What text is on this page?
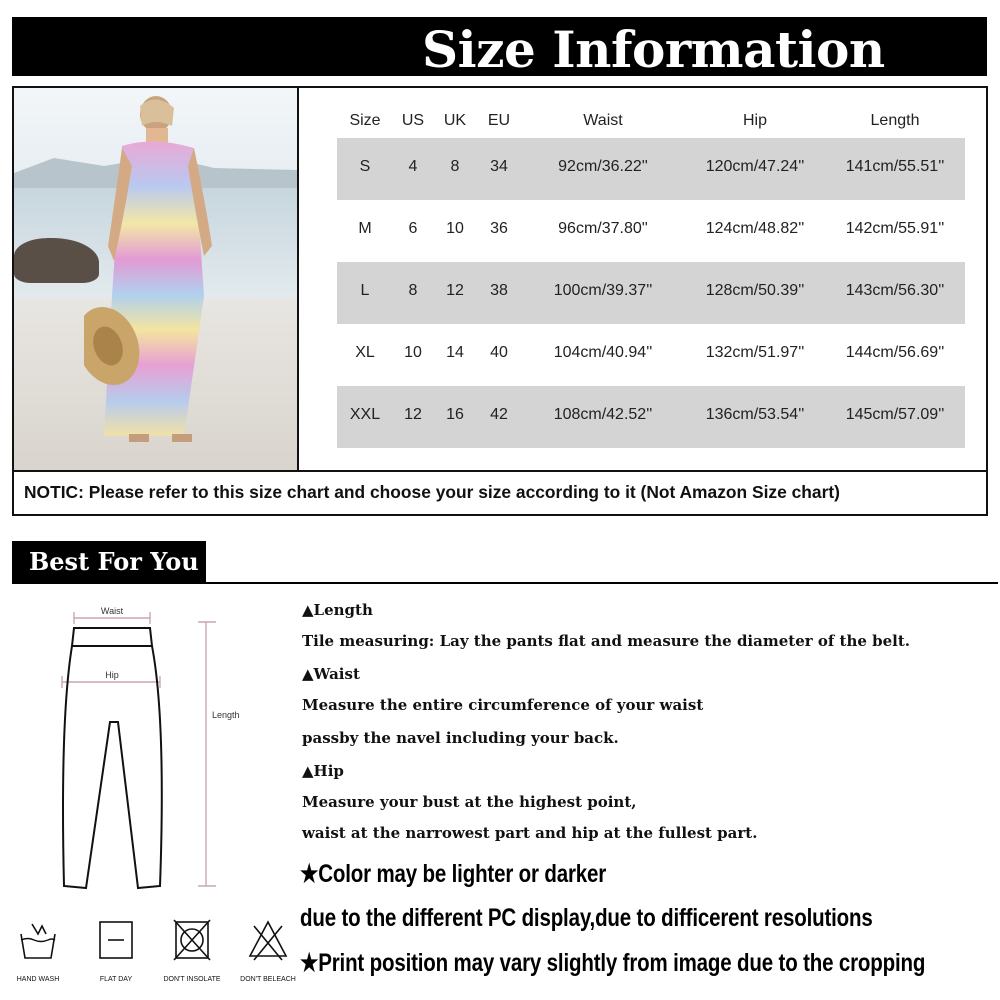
Size Information
Size	US	UK	EU	Waist	Hip	Length
S	4	8	34	92cm/36.22''	120cm/47.24''	141cm/55.51''
M	6	10	36	96cm/37.80''	124cm/48.82''	142cm/55.91''
L	8	12	38	100cm/39.37''	128cm/50.39''	143cm/56.30''
XL	10	14	40	104cm/40.94''	132cm/51.97''	144cm/56.69''
XXL	12	16	42	108cm/42.52''	136cm/53.54''	145cm/57.09''
NOTIC: Please refer to this size chart and choose your size according to it (Not Amazon Size chart)
Best For You
Waist
Hip
Length
HAND WASH	FLAT DAY	DON'T INSOLATE	DON'T BELEACH
▲Length
Tile measuring: Lay the pants flat and measure the diameter of the belt.
▲Waist
Measure the entire circumference of your waist
passby the navel including your back.
▲Hip
Measure your bust at the highest point,
waist at the narrowest part and hip at the fullest part.
★Color may be lighter or darker
due to the different PC display,due to difficerent resolutions
★Print position may vary slightly from image due to the cropping
